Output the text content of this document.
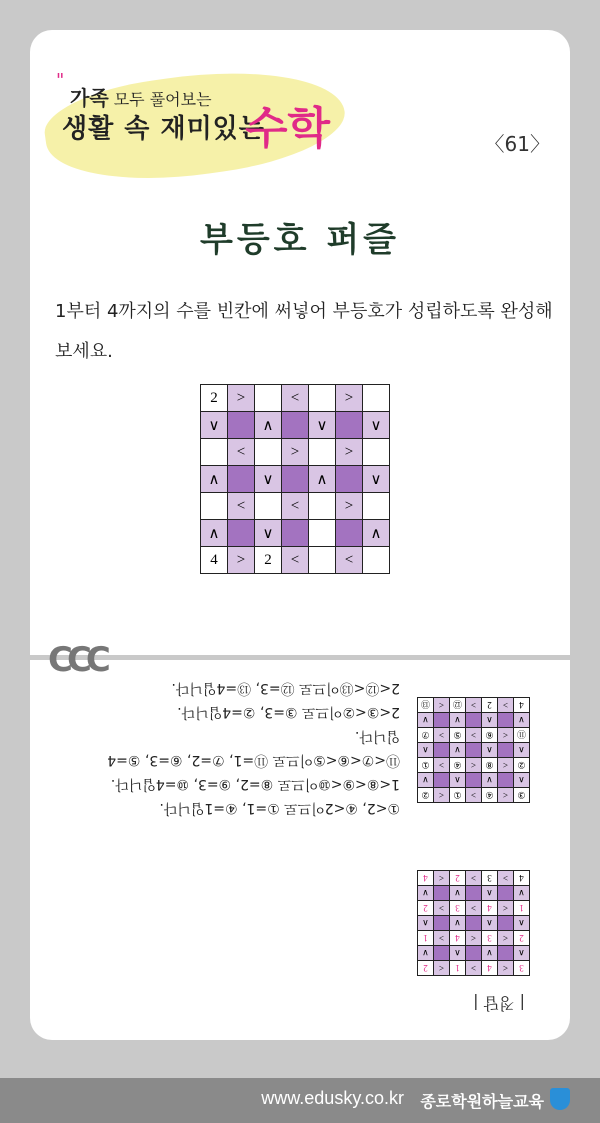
"
가족 모두 풀어보는
생활 속 재미있는
수학	〈61〉
부등호 퍼즐
1부터 4까지의 수를 빈칸에 써넣어 부등호가 성립하도록 완성해 보세요.
2	>		<		>	
∨		∧		∨		∨
	<		>		>	
∧		∨		∧		∨
	<		<		>	
∧		∨				∧
4	>	2	<		<	
CCC
| 정답 |
3	<	4	>	1	<	2
∧		∨		∧		∨
2	<	3	<	4	>	1
∧		∧		∨		∧
1	<	4	>	3	>	2
∨		∧		∨		∨
4	>	3	>	2	<	4
③	<	④	>	①	<	②
∧		∨		∧		∨
②	<	⑧	<	④	>	①
∧		∧		∨		∧
⑪	<	⑥	>	⑤	>	⑦
∨		∧		∨		∨
4	>	2	>	⑫	<	⑬
①<2, ④<2이므로 ①=1, ④=1입니다.
1<⑧<⑨<⑩이므로 ⑧=2, ⑨=3, ⑩=4입니다.
⑪<⑦<⑥<⑤이므로 ⑪=1, ⑦=2, ⑥=3, ⑤=4
입니다.
2<③<②이므로 ③=3, ②=4입니다.
2<⑫<⑬이므로 ⑫=3, ⑬=4입니다.
www.edusky.co.kr 종로학원하늘교육
